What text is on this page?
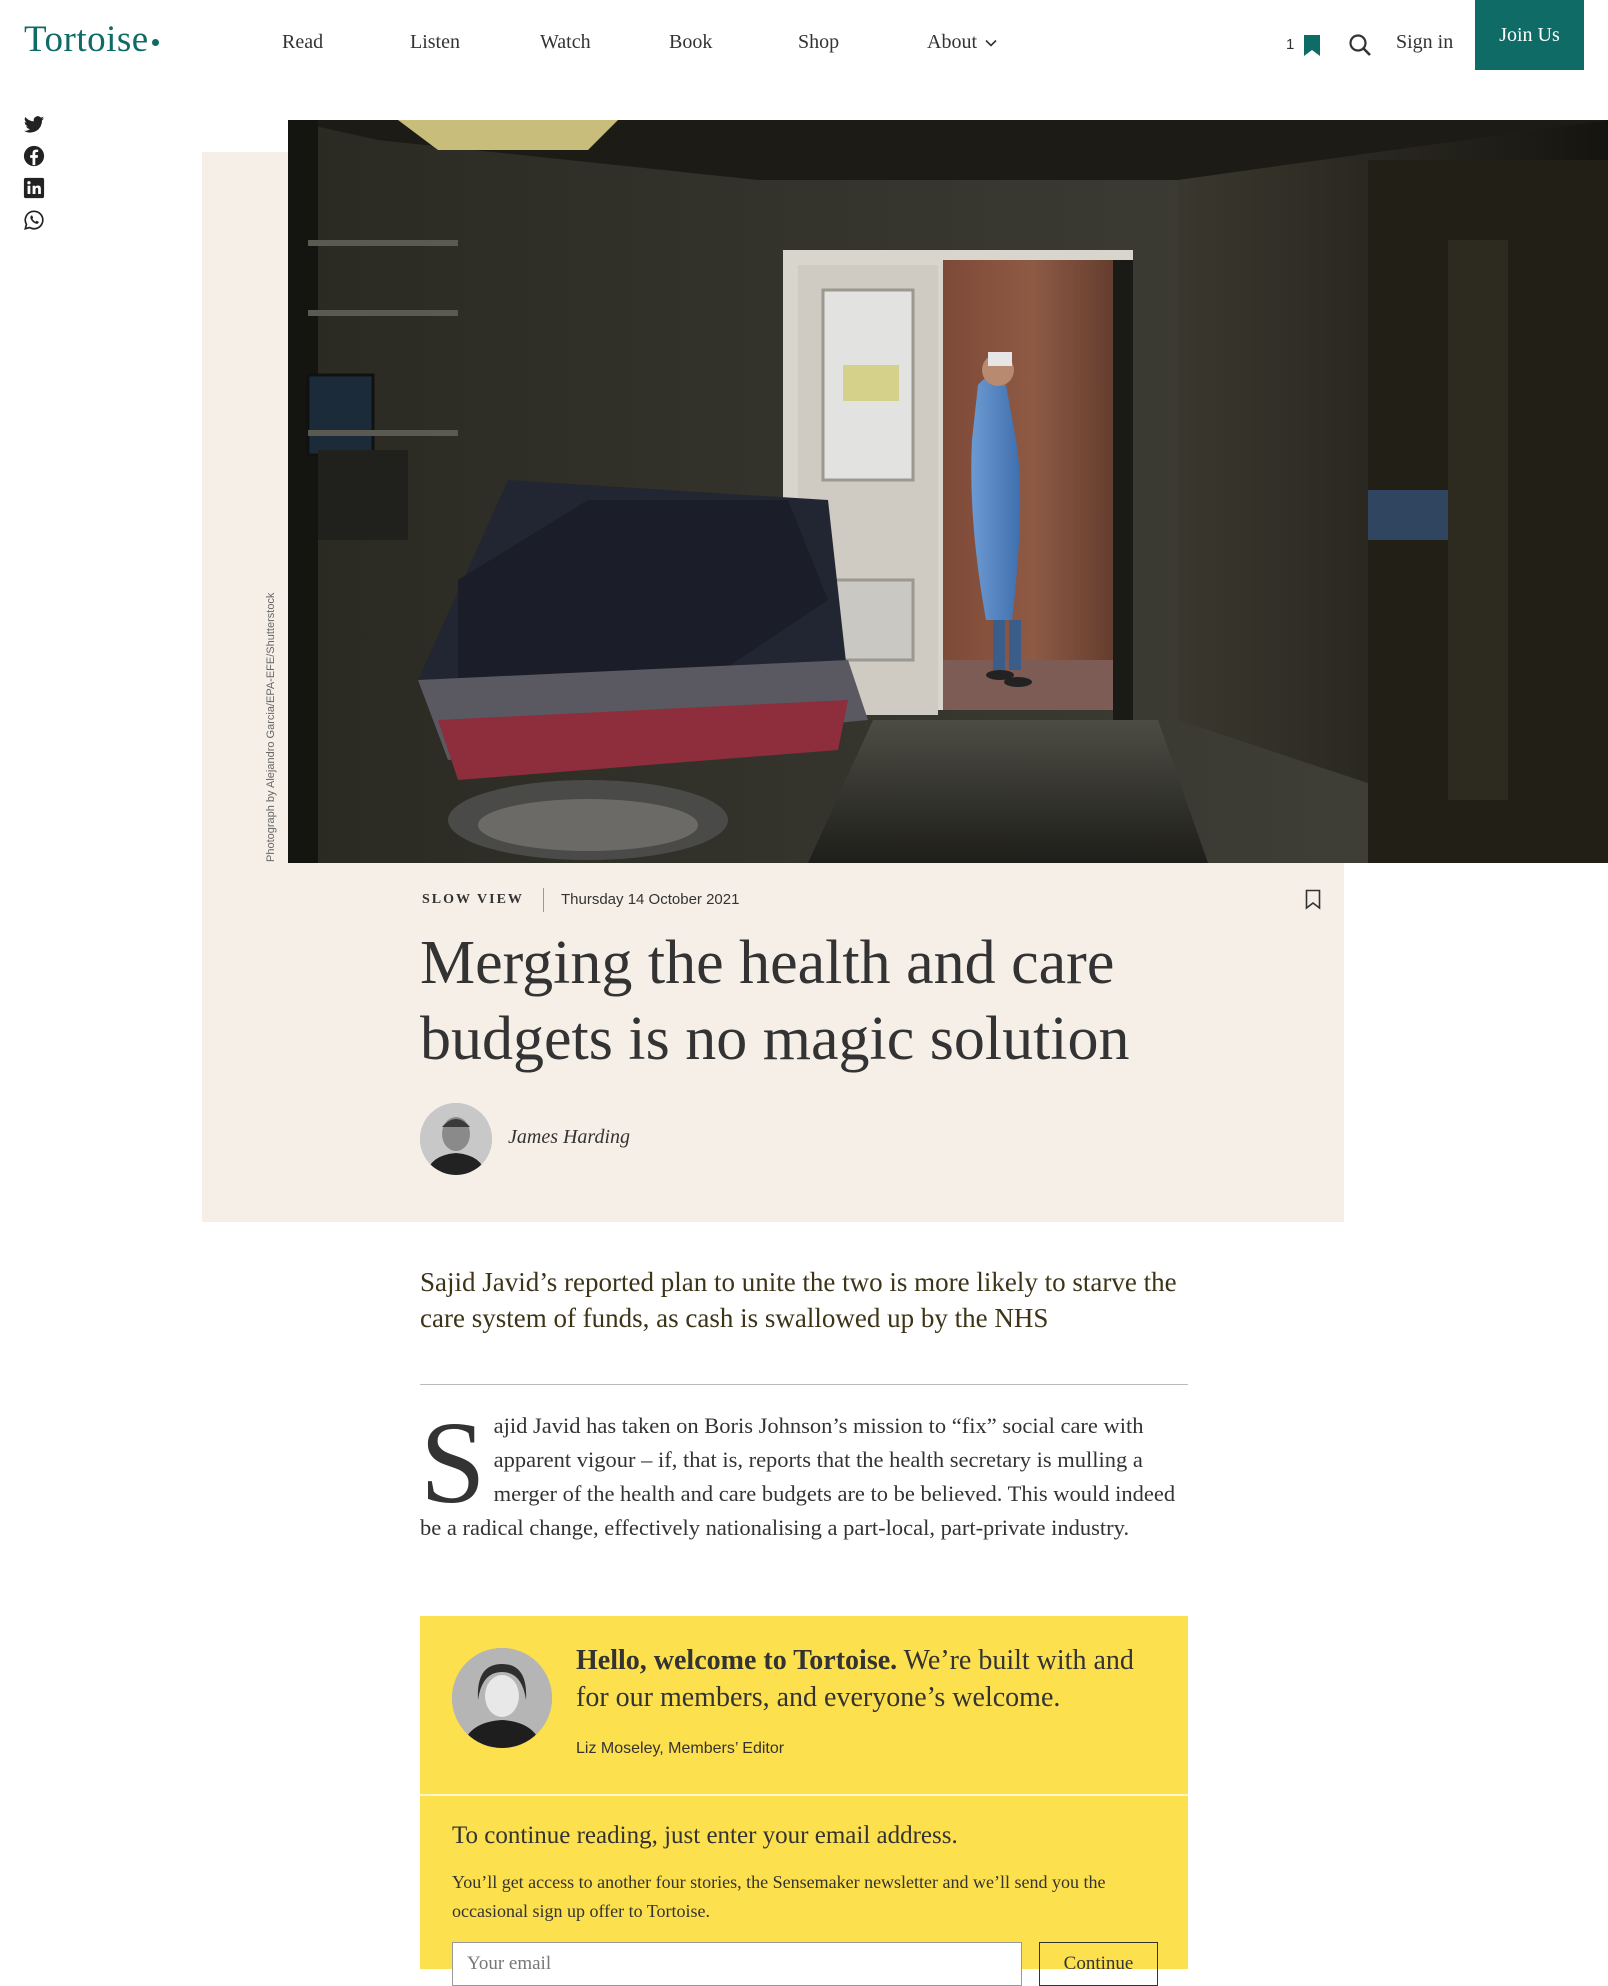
Tortoise	Read	Listen	Watch	Book	Shop	About	1	Sign in	Join Us
Photograph by Alejandro Garcia/EPA-EFE/Shutterstock
SLOW VIEW Thursday 14 October 2021
Merging the health and care budgets is no magic solution
James Harding

Sajid Javid’s reported plan to unite the two is more likely to starve the care system of funds, as cash is swallowed up by the NHS

Sajid Javid has taken on Boris Johnson’s mission to “fix” social care with apparent vigour – if, that is, reports that the health secretary is mulling a merger of the health and care budgets are to be believed. This would indeed be a radical change, effectively nationalising a part-local, part-private industry.

Hello, welcome to Tortoise. We’re built with and for our members, and everyone’s welcome.

Liz Moseley, Members’ Editor
To continue reading, just enter your email address.

You’ll get access to another four stories, the Sensemaker newsletter and we’ll send you the occasional sign up offer to Tortoise.

Your email
Continue
